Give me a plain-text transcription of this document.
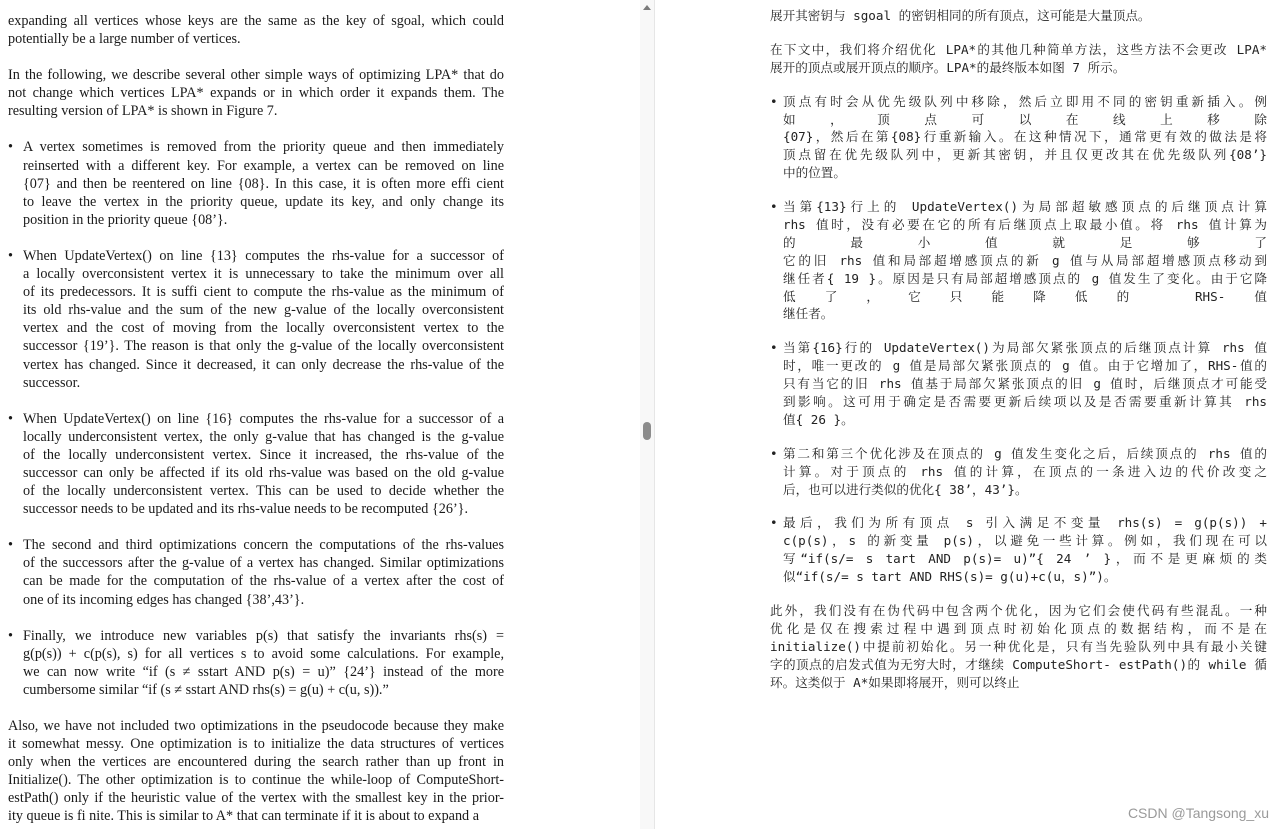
expanding all vertices whose keys are the same as the key of sgoal, which could
potentially be a large number of vertices.
In the following, we describe several other simple ways of optimizing LPA* that do
not change which vertices LPA* expands or in which order it expands them. The
resulting version of LPA* is shown in Figure 7.
• A vertex sometimes is removed from the priority queue and then immediately
reinserted with a different key. For example, a vertex can be removed on line
{07} and then be reentered on line {08}. In this case, it is often more effi cient
to leave the vertex in the priority queue, update its key, and only change its
position in the priority queue {08’}.
• When UpdateVertex() on line {13} computes the rhs-value for a successor of
a locally overconsistent vertex it is unnecessary to take the minimum over all
of its predecessors. It is suffi cient to compute the rhs-value as the minimum of
its old rhs-value and the sum of the new g-value of the locally overconsistent
vertex and the cost of moving from the locally overconsistent vertex to the
successor {19’}. The reason is that only the g-value of the locally overconsistent
vertex has changed. Since it decreased, it can only decrease the rhs-value of the
successor.
• When UpdateVertex() on line {16} computes the rhs-value for a successor of a
locally underconsistent vertex, the only g-value that has changed is the g-value
of the locally underconsistent vertex. Since it increased, the rhs-value of the
successor can only be affected if its old rhs-value was based on the old g-value
of the locally underconsistent vertex. This can be used to decide whether the
successor needs to be updated and its rhs-value needs to be recomputed {26’}.
• The second and third optimizations concern the computations of the rhs-values
of the successors after the g-value of a vertex has changed. Similar optimizations
can be made for the computation of the rhs-value of a vertex after the cost of
one of its incoming edges has changed {38’,43’}.
• Finally, we introduce new variables p(s) that satisfy the invariants rhs(s) =
g(p(s)) + c(p(s), s) for all vertices s to avoid some calculations. For example,
we can now write “if (s ≠ sstart AND p(s) = u)” {24’} instead of the more
cumbersome similar “if (s ≠ sstart AND rhs(s) = g(u) + c(u, s)).”
Also, we have not included two optimizations in the pseudocode because they make
it somewhat messy. One optimization is to initialize the data structures of vertices
only when the vertices are encountered during the search rather than up front in
Initialize(). The other optimization is to continue the while-loop of ComputeShort-
estPath() only if the heuristic value of the vertex with the smallest key in the prior-
ity queue is fi nite. This is similar to A* that can terminate if it is about to expand a
展开其密钥与 sgoal 的密钥相同的所有顶点，这可能是大量顶点。
在下文中，我们将介绍优化 LPA*的其他几种简单方法，这些方法不会更改 LPA*
展开的顶点或展开顶点的顺序。LPA*的最终版本如图 7 所示。
• 顶点有时会从优先级队列中移除，然后立即用不同的密钥重新插入。例
如，顶点可以在线上移除
{07}，然后在第{08}行重新输入。在这种情况下，通常更有效的做法是将
顶点留在优先级队列中，更新其密钥，并且仅更改其在优先级队列{08’}
中的位置。
• 当第{13}行上的 UpdateVertex()为局部超敏感顶点的后继顶点计算
rhs 值时，没有必要在它的所有后继顶点上取最小值。将 rhs 值计算为
的最小值就足够了
它的旧 rhs 值和局部超增感顶点的新 g 值与从局部超增感顶点移动到
继任者{ 19 }。原因是只有局部超增感顶点的 g 值发生了变化。由于它降
低了，它只能降低的 RHS-值
继任者。
• 当第{16}行的 UpdateVertex()为局部欠紧张顶点的后继顶点计算 rhs 值
时，唯一更改的 g 值是局部欠紧张顶点的 g 值。由于它增加了，RHS-值的
只有当它的旧 rhs 值基于局部欠紧张顶点的旧 g 值时，后继顶点才可能受
到影响。这可用于确定是否需要更新后续项以及是否需要重新计算其 rhs
值{ 26 }。
• 第二和第三个优化涉及在顶点的 g 值发生变化之后，后续顶点的 rhs 值的
计算。对于顶点的 rhs 值的计算，在顶点的一条进入边的代价改变之
后，也可以进行类似的优化{ 38’，43’}。
• 最后，我们为所有顶点 s 引入满足不变量 rhs(s) = g(p(s)) +
c(p(s)，s 的新变量 p(s)，以避免一些计算。例如，我们现在可以
写“if(s/= s tart AND p(s)= u)”{ 24 ’ }，而不是更麻烦的类
似“if(s/= s tart AND RHS(s)= g(u)+c(u，s)”)。
此外，我们没有在伪代码中包含两个优化，因为它们会使代码有些混乱。一种
优化是仅在搜索过程中遇到顶点时初始化顶点的数据结构，而不是在
initialize()中提前初始化。另一种优化是，只有当先验队列中具有最小关键
字的顶点的启发式值为无穷大时，才继续 ComputeShort- estPath()的 while 循
环。这类似于 A*如果即将展开，则可以终止
CSDN @Tangsong_xu
